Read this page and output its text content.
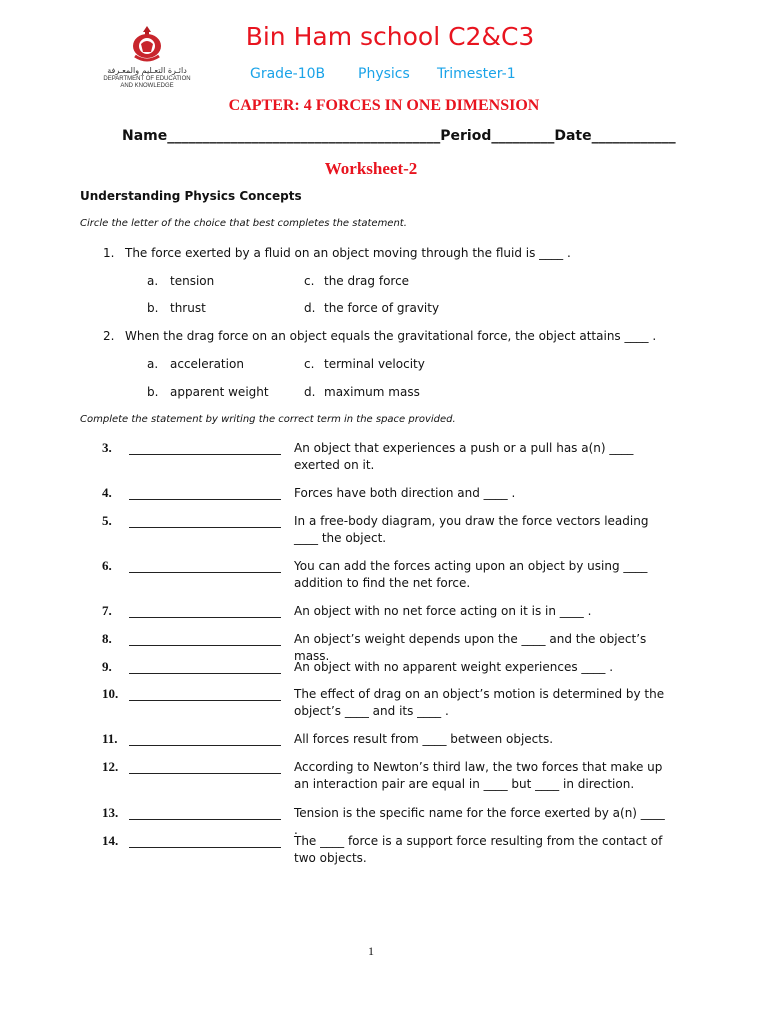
دائـرة التعـليم والمعـرفة
DEPARTMENT OF EDUCATION
AND KNOWLEDGE
Bin Ham school C2&C3
Grade-10B Physics Trimester-1
CAPTER: 4 FORCES IN ONE DIMENSION
Name_______________________________________Period_________Date____________
Worksheet-2
Understanding Physics Concepts
Circle the letter of the choice that best completes the statement.
1. The force exerted by a fluid on an object moving through the fluid is ____ .
a. tension	c. the drag force
b. thrust	d. the force of gravity
2. When the drag force on an object equals the gravitational force, the object attains ____ .
a. acceleration	c. terminal velocity
b. apparent weight	d. maximum mass
Complete the statement by writing the correct term in the space provided.
3.	An object that experiences a push or a pull has a(n) ____ exerted on it.
4.	Forces have both direction and ____ .
5.	In a free-body diagram, you draw the force vectors leading ____ the object.
6.	You can add the forces acting upon an object by using ____ addition to find the net force.
7.	An object with no net force acting on it is in ____ .
8.	An object’s weight depends upon the ____ and the object’s mass.
9.	An object with no apparent weight experiences ____ .
10.	The effect of drag on an object’s motion is determined by the object’s ____ and its ____ .
11.	All forces result from ____ between objects.
12.	According to Newton’s third law, the two forces that make up an interaction pair are equal in ____ but ____ in direction.
13.	Tension is the specific name for the force exerted by a(n) ____ .
14.	The ____ force is a support force resulting from the contact of two objects.
1
